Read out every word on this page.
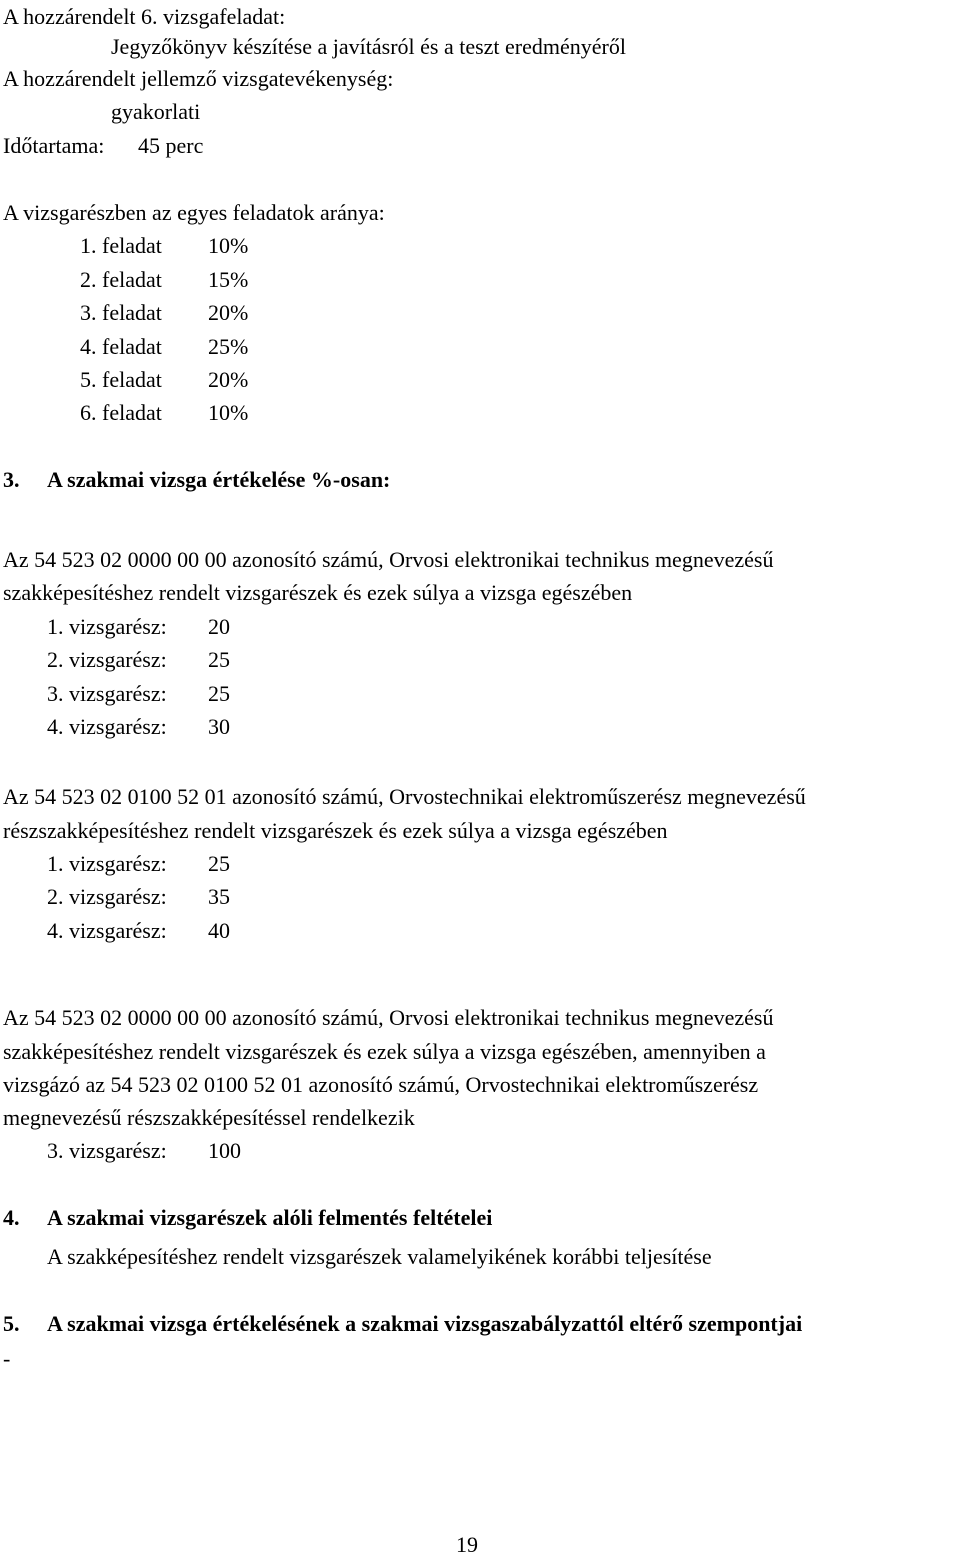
A hozzárendelt 6. vizsgafeladat:
Jegyzőkönyv készítése a javításról és a teszt eredményéről
A hozzárendelt jellemző vizsgatevékenység:
gyakorlati
Időtartama: 45 perc
A vizsgarészben az egyes feladatok aránya:
1. feladat 10%
2. feladat 15%
3. feladat 20%
4. feladat 25%
5. feladat 20%
6. feladat 10%
3. A szakmai vizsga értékelése %-osan:
Az 54 523 02 0000 00 00 azonosító számú, Orvosi elektronikai technikus megnevezésű
szakképesítéshez rendelt vizsgarészek és ezek súlya a vizsga egészében
1. vizsgarész: 20
2. vizsgarész: 25
3. vizsgarész: 25
4. vizsgarész: 30
Az 54 523 02 0100 52 01 azonosító számú, Orvostechnikai elektroműszerész megnevezésű
részszakképesítéshez rendelt vizsgarészek és ezek súlya a vizsga egészében
1. vizsgarész: 25
2. vizsgarész: 35
4. vizsgarész: 40
Az 54 523 02 0000 00 00 azonosító számú, Orvosi elektronikai technikus megnevezésű
szakképesítéshez rendelt vizsgarészek és ezek súlya a vizsga egészében, amennyiben a
vizsgázó az 54 523 02 0100 52 01 azonosító számú, Orvostechnikai elektroműszerész
megnevezésű részszakképesítéssel rendelkezik
3. vizsgarész: 100
4. A szakmai vizsgarészek alóli felmentés feltételei
A szakképesítéshez rendelt vizsgarészek valamelyikének korábbi teljesítése
5. A szakmai vizsga értékelésének a szakmai vizsgaszabályzattól eltérő szempontjai
-
19
